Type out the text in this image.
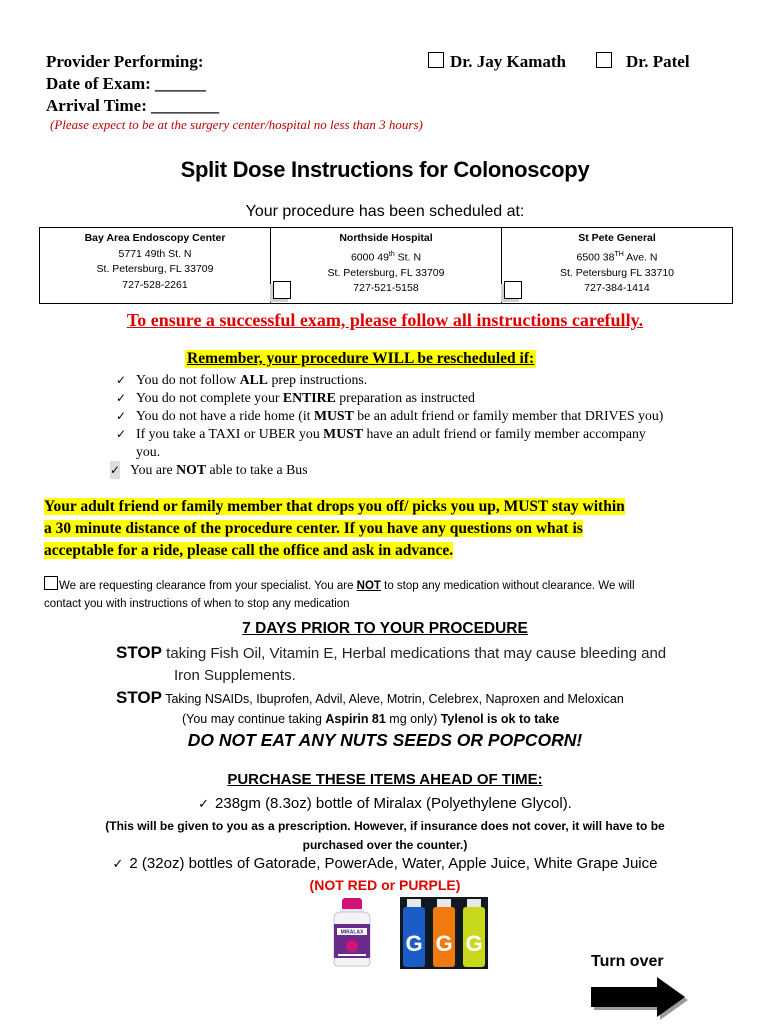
Provider Performing:
Date of Exam: ______
Arrival Time: ________
Dr. Jay Kamath	Dr. Patel
(Please expect to be at the surgery center/hospital no less than 3 hours)
Split Dose Instructions for Colonoscopy
Your procedure has been scheduled at:
Bay Area Endoscopy Center
5771 49th St. N
St. Petersburg, FL 33709
727-528-2261
Northside Hospital
6000 49th St. N
St. Petersburg, FL 33709
727-521-5158
St Pete General
6500 38TH Ave. N
St. Petersburg FL 33710
727-384-1414
To ensure a successful exam, please follow all instructions carefully.
Remember, your procedure WILL be rescheduled if:
✓ You do not follow ALL prep instructions.
✓ You do not complete your ENTIRE preparation as instructed
✓ You do not have a ride home (it MUST be an adult friend or family member that DRIVES you)
✓ If you take a TAXI or UBER you MUST have an adult friend or family member accompany
you.
✓ You are NOT able to take a Bus
Your adult friend or family member that drops you off/ picks you up, MUST stay within
a 30 minute distance of the procedure center. If you have any questions on what is
acceptable for a ride, please call the office and ask in advance.
We are requesting clearance from your specialist. You are NOT to stop any medication without clearance. We will
contact you with instructions of when to stop any medication
7 DAYS PRIOR TO YOUR PROCEDURE
STOP taking Fish Oil, Vitamin E, Herbal medications that may cause bleeding and
Iron Supplements.
STOP Taking NSAIDs, Ibuprofen, Advil, Aleve, Motrin, Celebrex, Naproxen and Meloxican
(You may continue taking Aspirin 81 mg only) Tylenol is ok to take
DO NOT EAT ANY NUTS SEEDS OR POPCORN!
PURCHASE THESE ITEMS AHEAD OF TIME:
✓ 238gm (8.3oz) bottle of Miralax (Polyethylene Glycol).
(This will be given to you as a prescription. However, if insurance does not cover, it will have to be
purchased over the counter.)
✓ 2 (32oz) bottles of Gatorade, PowerAde, Water, Apple Juice, White Grape Juice
(NOT RED or PURPLE)
MIRALAX G G G
Turn over
